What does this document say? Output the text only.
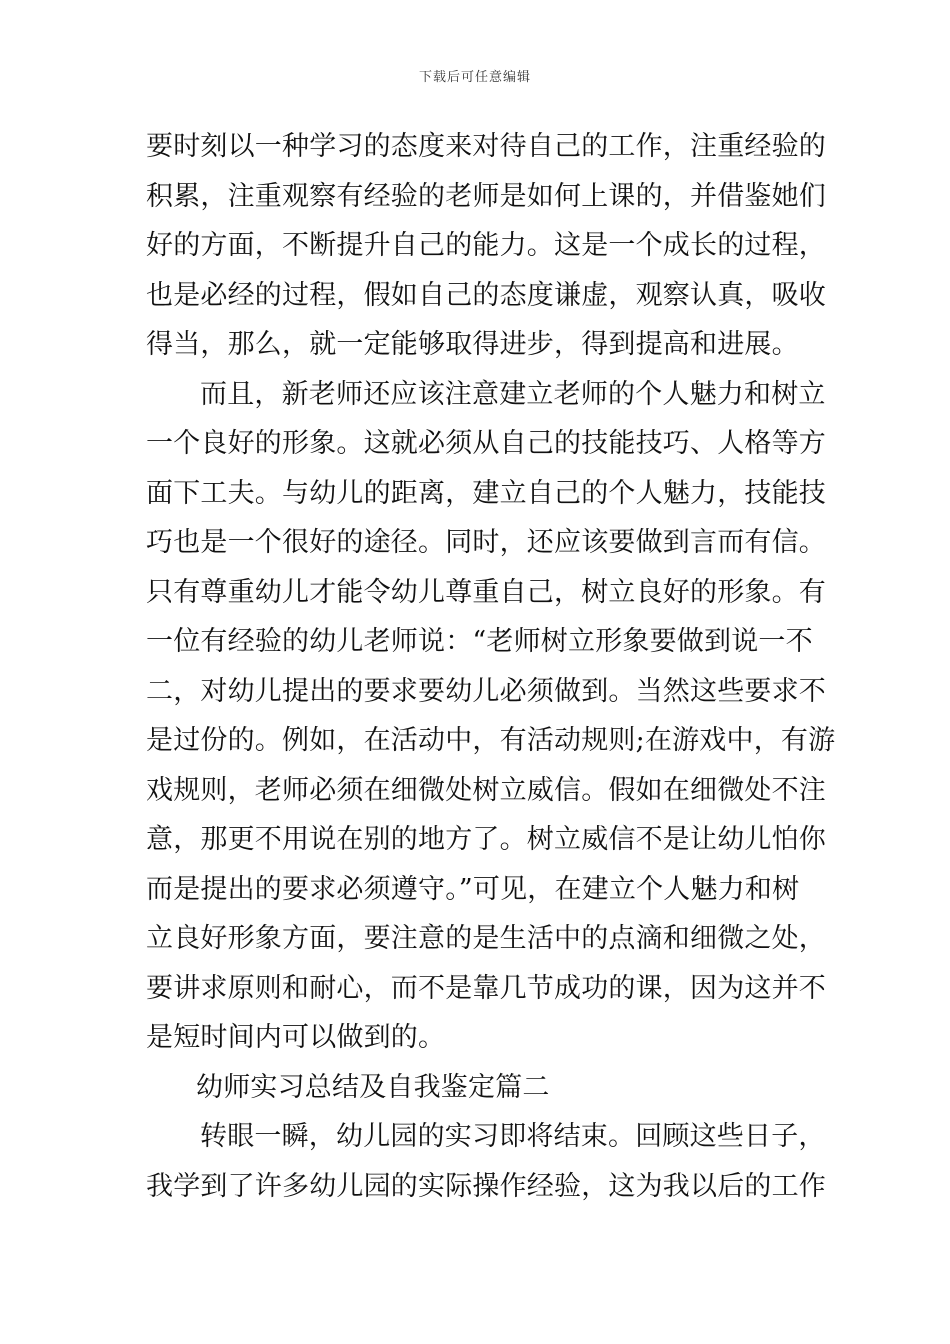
下载后可任意编辑
要时刻以一种学习的态度来对待自己的工作，注重经验的
积累，注重观察有经验的老师是如何上课的，并借鉴她们
好的方面，不断提升自己的能力。这是一个成长的过程，
也是必经的过程，假如自己的态度谦虚，观察认真，吸收
得当，那么，就一定能够取得进步，得到提高和进展。
而且，新老师还应该注意建立老师的个人魅力和树立
一个良好的形象。这就必须从自己的技能技巧、人格等方
面下工夫。与幼儿的距离，建立自己的个人魅力，技能技
巧也是一个很好的途径。同时，还应该要做到言而有信。
只有尊重幼儿才能令幼儿尊重自己，树立良好的形象。有
一位有经验的幼儿老师说：“老师树立形象要做到说一不
二，对幼儿提出的要求要幼儿必须做到。当然这些要求不
是过份的。例如，在活动中，有活动规则;在游戏中，有游
戏规则，老师必须在细微处树立威信。假如在细微处不注
意，那更不用说在别的地方了。树立威信不是让幼儿怕你
而是提出的要求必须遵守。”可见，在建立个人魅力和树
立良好形象方面，要注意的是生活中的点滴和细微之处，
要讲求原则和耐心，而不是靠几节成功的课，因为这并不
是短时间内可以做到的。
幼师实习总结及自我鉴定篇二
转眼一瞬，幼儿园的实习即将结束。回顾这些日子，
我学到了许多幼儿园的实际操作经验，这为我以后的工作
